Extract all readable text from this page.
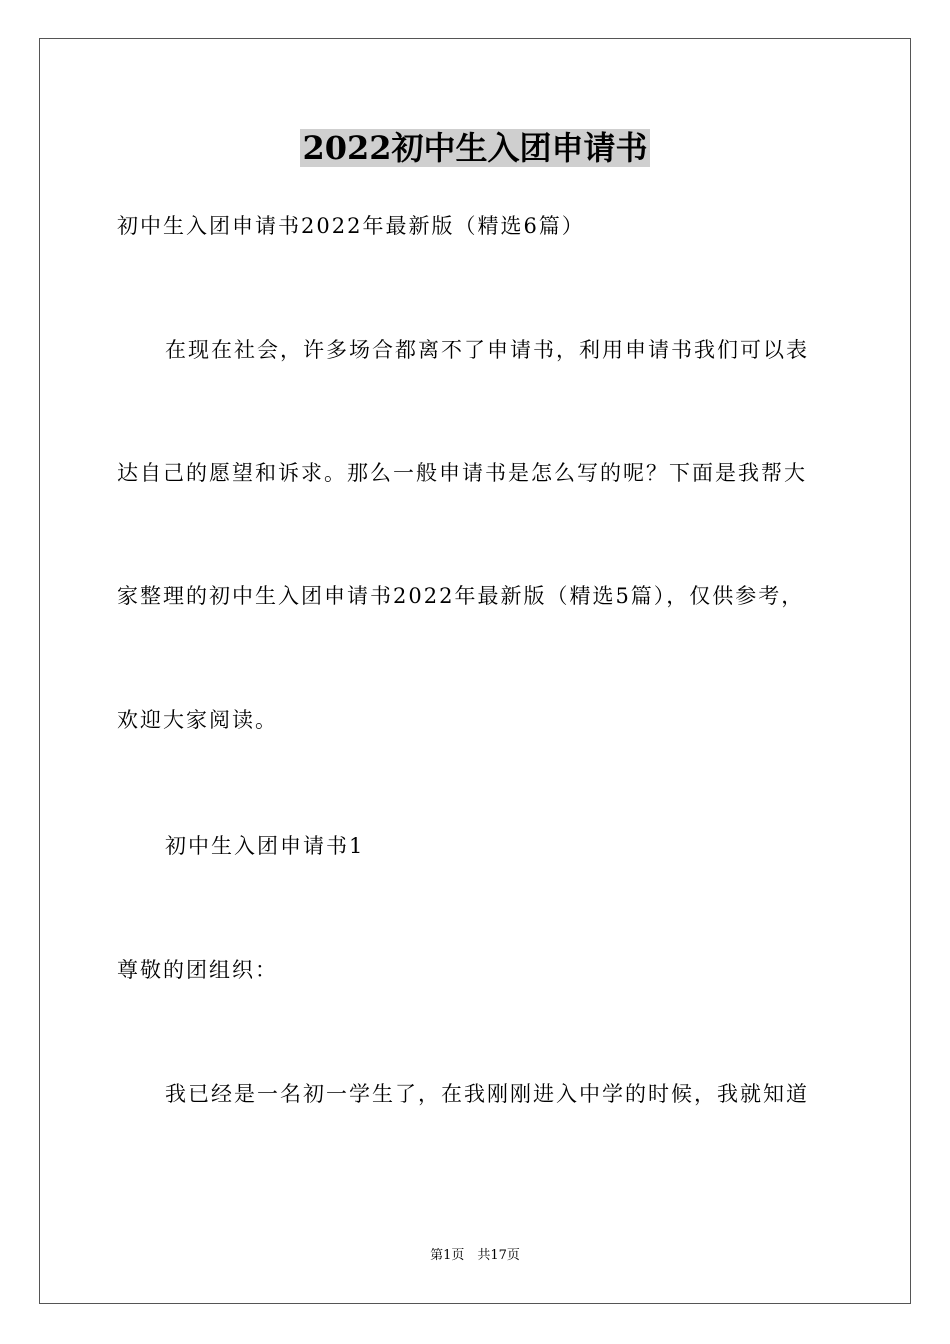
2022初中生入团申请书
初中生入团申请书2022年最新版（精选6篇）
在现在社会，许多场合都离不了申请书，利用申请书我们可以表
达自己的愿望和诉求。那么一般申请书是怎么写的呢？下面是我帮大
家整理的初中生入团申请书2022年最新版（精选5篇），仅供参考，
欢迎大家阅读。
初中生入团申请书1
尊敬的团组织：
我已经是一名初一学生了，在我刚刚进入中学的时候，我就知道
第1页　共17页
